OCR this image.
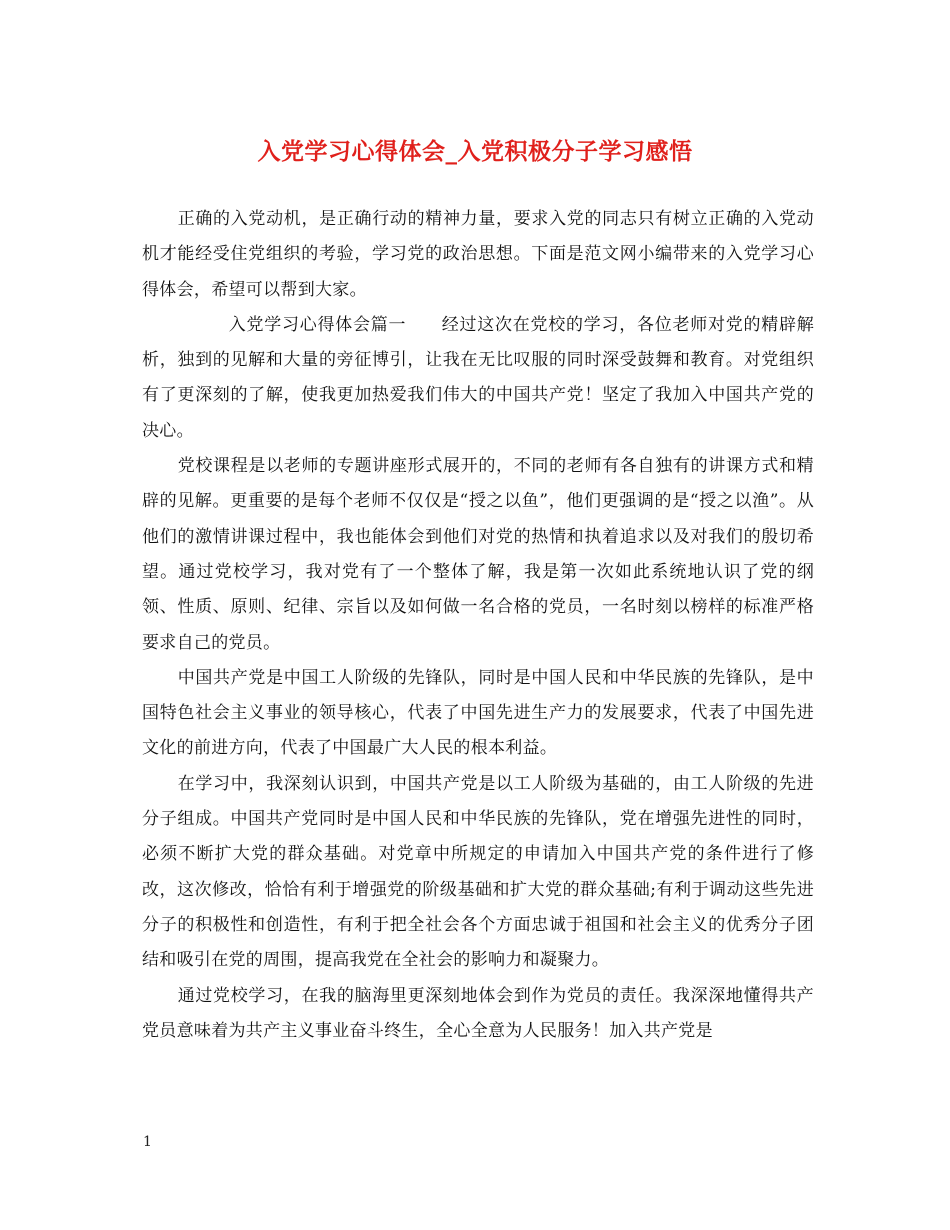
入党学习心得体会_入党积极分子学习感悟

正确的入党动机，是正确行动的精神力量，要求入党的同志只有树立正确的入党动机才能经受住党组织的考验，学习党的政治思想。下面是范文网小编带来的入党学习心得体会，希望可以帮到大家。

入党学习心得体会篇一　　经过这次在党校的学习，各位老师对党的精辟解析，独到的见解和大量的旁征博引，让我在无比叹服的同时深受鼓舞和教育。对党组织有了更深刻的了解，使我更加热爱我们伟大的中国共产党！坚定了我加入中国共产党的决心。

党校课程是以老师的专题讲座形式展开的，不同的老师有各自独有的讲课方式和精辟的见解。更重要的是每个老师不仅仅是“授之以鱼”，他们更强调的是“授之以渔”。从他们的激情讲课过程中，我也能体会到他们对党的热情和执着追求以及对我们的殷切希望。通过党校学习，我对党有了一个整体了解，我是第一次如此系统地认识了党的纲领、性质、原则、纪律、宗旨以及如何做一名合格的党员，一名时刻以榜样的标准严格要求自己的党员。

中国共产党是中国工人阶级的先锋队，同时是中国人民和中华民族的先锋队，是中国特色社会主义事业的领导核心，代表了中国先进生产力的发展要求，代表了中国先进文化的前进方向，代表了中国最广大人民的根本利益。

在学习中，我深刻认识到，中国共产党是以工人阶级为基础的，由工人阶级的先进分子组成。中国共产党同时是中国人民和中华民族的先锋队，党在增强先进性的同时，必须不断扩大党的群众基础。对党章中所规定的申请加入中国共产党的条件进行了修改，这次修改，恰恰有利于增强党的阶级基础和扩大党的群众基础;有利于调动这些先进分子的积极性和创造性，有利于把全社会各个方面忠诚于祖国和社会主义的优秀分子团结和吸引在党的周围，提高我党在全社会的影响力和凝聚力。

通过党校学习，在我的脑海里更深刻地体会到作为党员的责任。我深深地懂得共产党员意味着为共产主义事业奋斗终生，全心全意为人民服务！加入共产党是

1
